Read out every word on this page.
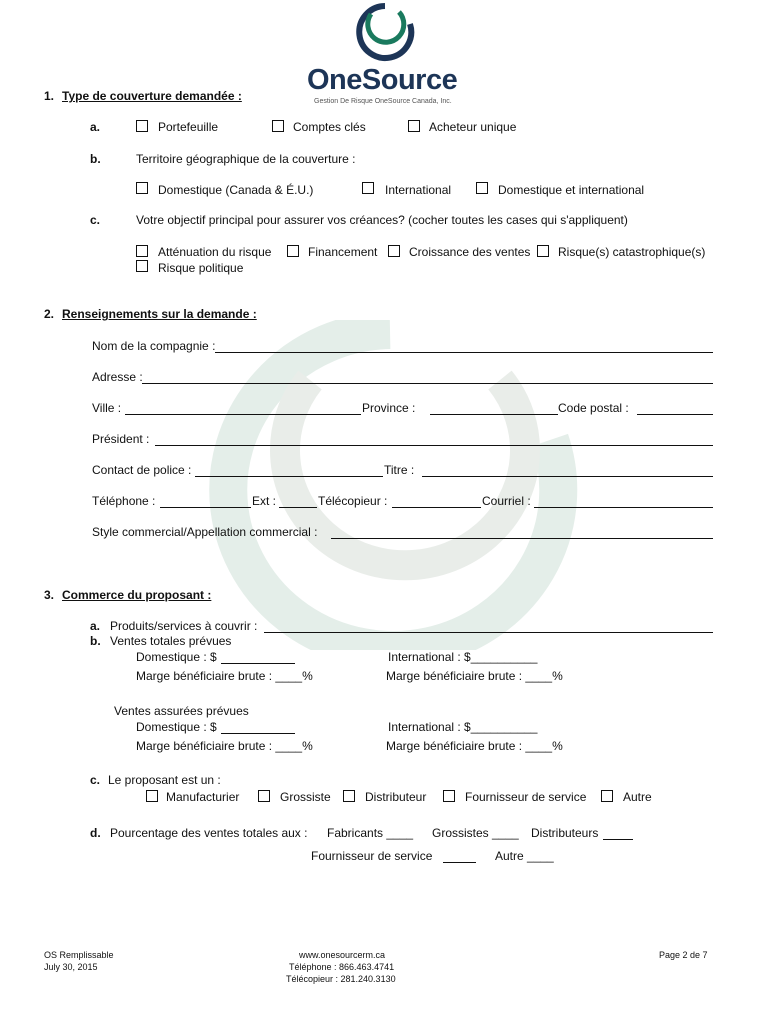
OneSource
Gestion De Risque OneSource Canada, Inc.
1. Type de couverture demandée :
a.	Portefeuille	Comptes clés	Acheteur unique
b.	Territoire géographique de la couverture :
Domestique (Canada & É.U.)	International	Domestique et international
c.	Votre objectif principal pour assurer vos créances? (cocher toutes les cases qui s'appliquent)
Atténuation du risque	Financement	Croissance des ventes Risque(s) catastrophique(s)
Risque politique
2. Renseignements sur la demande :
Nom de la compagnie :
Adresse :
Ville :	Province :	Code postal :
Président :
Contact de police :	Titre :
Téléphone :	Ext :	Télécopieur :	Courriel :
Style commercial/Appellation commercial :
3. Commerce du proposant :
a. Produits/services à couvrir :
b. Ventes totales prévues
Domestique : $	International : $__________
Marge bénéficiaire brute : ____%	Marge bénéficiaire brute : ____%
Ventes assurées prévues
Domestique : $	International : $__________
Marge bénéficiaire brute : ____%	Marge bénéficiaire brute : ____%
c. Le proposant est un :
Manufacturier	Grossiste	Distributeur	Fournisseur de service	Autre
d. Pourcentage des ventes totales aux : Fabricants ____ Grossistes ____ Distributeurs
Fournisseur de service	Autre ____
OS Remplissable
July 30, 2015
www.onesourcerm.ca
Téléphone : 866.463.4741
Télécopieur : 281.240.3130
Page 2 de 7
